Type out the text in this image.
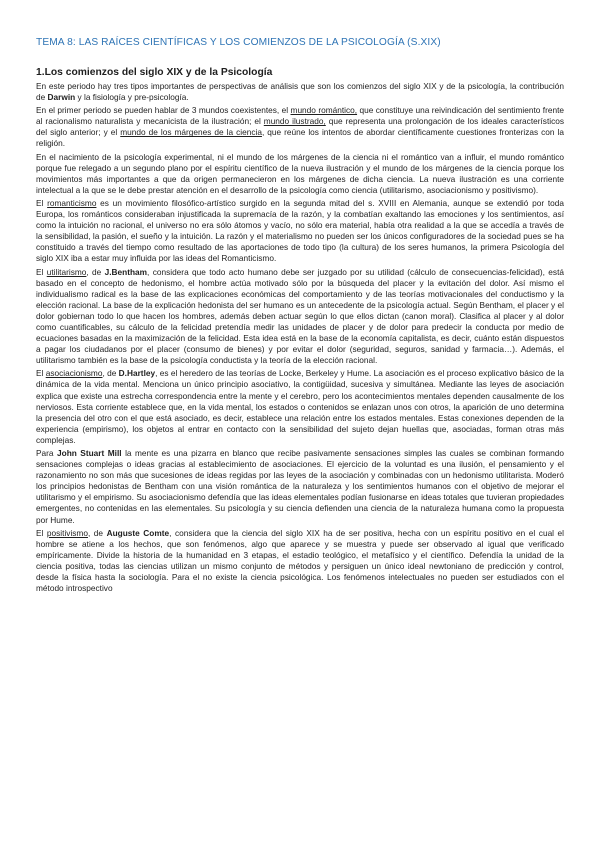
TEMA 8: LAS RAÍCES CIENTÍFICAS Y LOS COMIENZOS DE LA PSICOLOGÍA (S.XIX)
1.Los comienzos del siglo XIX y de la Psicología

En este periodo hay tres tipos importantes de perspectivas de análisis que son los comienzos del siglo XIX y de la psicología, la contribución de Darwin y la fisiología y pre-psicología.

En el primer periodo se pueden hablar de 3 mundos coexistentes, el mundo romántico, que constituye una reivindicación del sentimiento frente al racionalismo naturalista y mecanicista de la ilustración; el mundo ilustrado, que representa una prolongación de los ideales característicos del siglo anterior; y el mundo de los márgenes de la ciencia, que reúne los intentos de abordar científicamente cuestiones fronterizas con la religión.

En el nacimiento de la psicología experimental, ni el mundo de los márgenes de la ciencia ni el romántico van a influir, el mundo romántico porque fue relegado a un segundo plano por el espíritu científico de la nueva ilustración y el mundo de los márgenes de la ciencia porque los movimientos más importantes a que da origen permanecieron en los márgenes de dicha ciencia. La nueva ilustración es una corriente intelectual a la que se le debe prestar atención en el desarrollo de la psicología como ciencia (utilitarismo, asociacionismo y positivismo).

El romanticismo es un movimiento filosófico-artístico surgido en la segunda mitad del s. XVIII en Alemania, aunque se extendió por toda Europa, los románticos consideraban injustificada la supremacía de la razón, y la combatían exaltando las emociones y los sentimientos, así como la intuición no racional, el universo no era sólo átomos y vacío, no sólo era material, había otra realidad a la que se accedía a través de la sensibilidad, la pasión, el sueño y la intuición. La razón y el materialismo no pueden ser los únicos configuradores de la sociedad pues se ha constituido a través del tiempo como resultado de las aportaciones de todo tipo (la cultura) de los seres humanos, la primera Psicología del siglo XIX iba a estar muy influida por las ideas del Romanticismo.

El utilitarismo, de J.Bentham, considera que todo acto humano debe ser juzgado por su utilidad (cálculo de consecuencias-felicidad), está basado en el concepto de hedonismo, el hombre actúa motivado sólo por la búsqueda del placer y la evitación del dolor. Así mismo el individualismo radical es la base de las explicaciones económicas del comportamiento y de las teorías motivacionales del conductismo y la elección racional. La base de la explicación hedonista del ser humano es un antecedente de la psicología actual. Según Bentham, el placer y el dolor gobiernan todo lo que hacen los hombres, además deben actuar según lo que ellos dictan (canon moral). Clasifica al placer y al dolor como cuantificables, su cálculo de la felicidad pretendía medir las unidades de placer y de dolor para predecir la conducta por medio de ecuaciones basadas en la maximización de la felicidad. Esta idea está en la base de la economía capitalista, es decir, cuánto están dispuestos a pagar los ciudadanos por el placer (consumo de bienes) y por evitar el dolor (seguridad, seguros, sanidad y farmacia…). Además, el utilitarismo también es la base de la psicología conductista y la teoría de la elección racional.

El asociacionismo, de D.Hartley, es el heredero de las teorías de Locke, Berkeley y Hume. La asociación es el proceso explicativo básico de la dinámica de la vida mental. Menciona un único principio asociativo, la contigüidad, sucesiva y simultánea. Mediante las leyes de asociación explica que existe una estrecha correspondencia entre la mente y el cerebro, pero los acontecimientos mentales dependen causalmente de los nerviosos. Esta corriente establece que, en la vida mental, los estados o contenidos se enlazan unos con otros, la aparición de uno determina la presencia del otro con el que está asociado, es decir, establece una relación entre los estados mentales. Estas conexiones dependen de la experiencia (empirismo), los objetos al entrar en contacto con la sensibilidad del sujeto dejan huellas que, asociadas, forman otras más complejas.

Para John Stuart Mill la mente es una pizarra en blanco que recibe pasivamente sensaciones simples las cuales se combinan formando sensaciones complejas o ideas gracias al establecimiento de asociaciones. El ejercicio de la voluntad es una ilusión, el pensamiento y el razonamiento no son más que sucesiones de ideas regidas por las leyes de la asociación y combinadas con un hedonismo utilitarista. Moderó los principios hedonistas de Bentham con una visión romántica de la naturaleza y los sentimientos humanos con el objetivo de mejorar el utilitarismo y el empirismo. Su asociacionismo defendía que las ideas elementales podían fusionarse en ideas totales que tuvieran propiedades emergentes, no contenidas en las elementales. Su psicología y su ciencia defienden una ciencia de la naturaleza humana como la propuesta por Hume.

El positivismo, de Auguste Comte, considera que la ciencia del siglo XIX ha de ser positiva, hecha con un espíritu positivo en el cual el hombre se atiene a los hechos, que son fenómenos, algo que aparece y se muestra y puede ser observado al igual que verificado empíricamente. Divide la historia de la humanidad en 3 etapas, el estadio teológico, el metafísico y el científico. Defendía la unidad de la ciencia positiva, todas las ciencias utilizan un mismo conjunto de métodos y persiguen un único ideal newtoniano de predicción y control, desde la física hasta la sociología. Para el no existe la ciencia psicológica. Los fenómenos intelectuales no pueden ser estudiados con el método introspectivo
